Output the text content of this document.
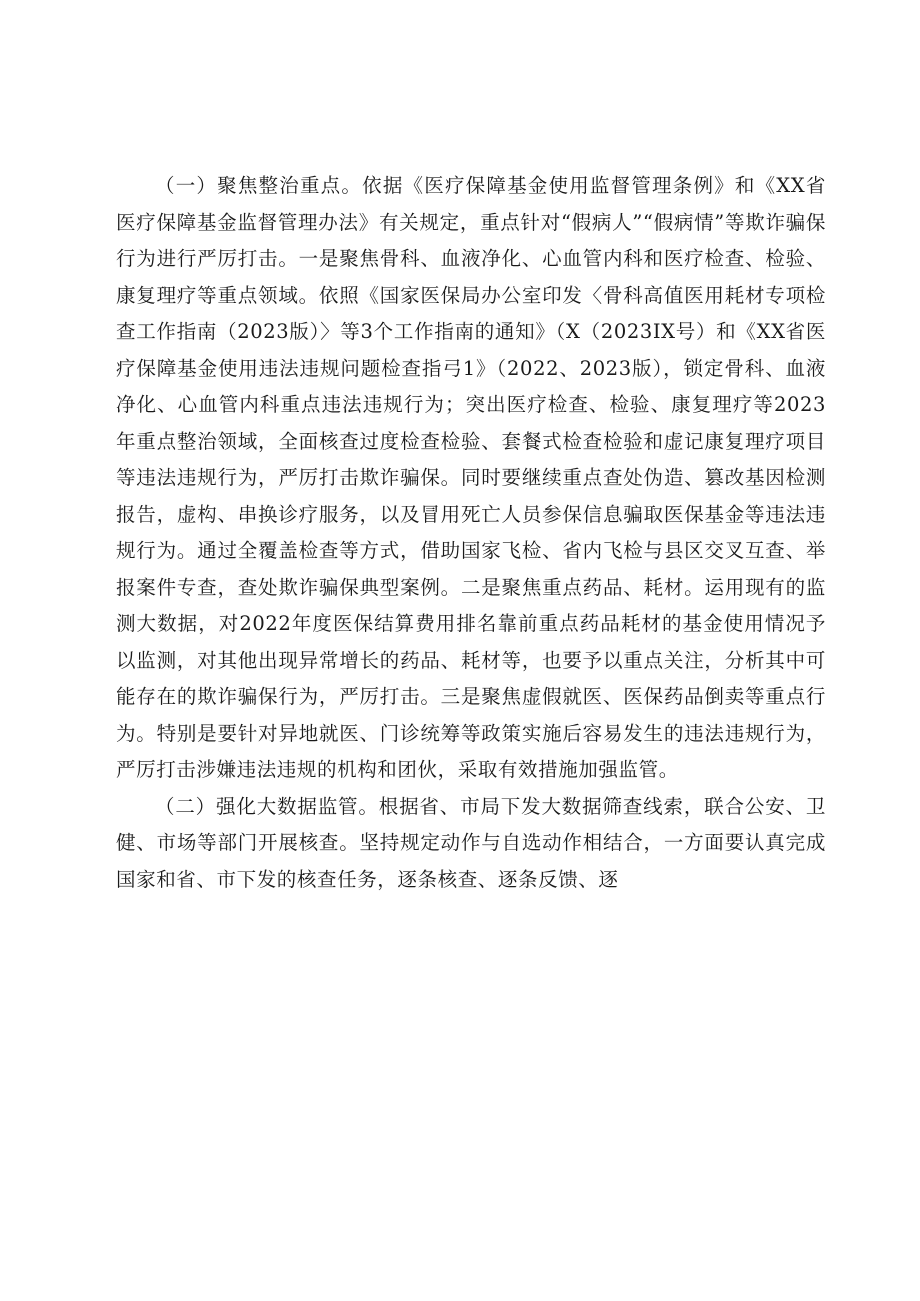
（一）聚焦整治重点。依据《医疗保障基金使用监督管理条例》和《XX省医疗保障基金监督管理办法》有关规定，重点针对“假病人”“假病情”等欺诈骗保行为进行严厉打击。一是聚焦骨科、血液净化、心血管内科和医疗检查、检验、康复理疗等重点领域。依照《国家医保局办公室印发〈骨科高值医用耗材专项检查工作指南（2023版）〉等3个工作指南的通知》（X（2023IX号）和《XX省医疗保障基金使用违法违规问题检查指弓1》（2022、2023版），锁定骨科、血液净化、心血管内科重点违法违规行为；突出医疗检查、检验、康复理疗等2023年重点整治领域，全面核查过度检查检验、套餐式检查检验和虚记康复理疗项目等违法违规行为，严厉打击欺诈骗保。同时要继续重点查处伪造、篡改基因检测报告，虚构、串换诊疗服务，以及冒用死亡人员参保信息骗取医保基金等违法违规行为。通过全覆盖检查等方式，借助国家飞检、省内飞检与县区交叉互查、举报案件专查，查处欺诈骗保典型案例。二是聚焦重点药品、耗材。运用现有的监测大数据，对2022年度医保结算费用排名靠前重点药品耗材的基金使用情况予以监测，对其他出现异常增长的药品、耗材等，也要予以重点关注，分析其中可能存在的欺诈骗保行为，严厉打击。三是聚焦虚假就医、医保药品倒卖等重点行为。特别是要针对异地就医、门诊统筹等政策实施后容易发生的违法违规行为，严厉打击涉嫌违法违规的机构和团伙，采取有效措施加强监管。

（二）强化大数据监管。根据省、市局下发大数据筛查线索，联合公安、卫健、市场等部门开展核查。坚持规定动作与自选动作相结合，一方面要认真完成国家和省、市下发的核查任务，逐条核查、逐条反馈、逐
